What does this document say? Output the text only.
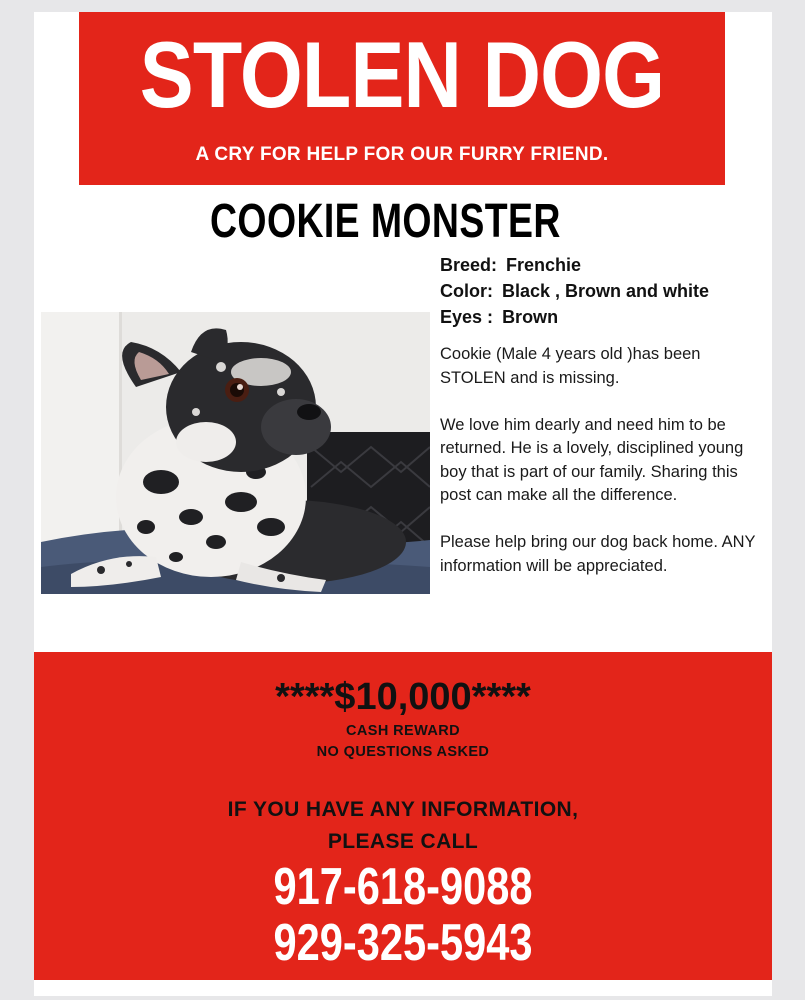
STOLEN DOG
A CRY FOR HELP FOR OUR FURRY FRIEND.
COOKIE MONSTER
Breed: Frenchie
Color: Black , Brown and white
Eyes : Brown

Cookie (Male 4 years old )has been STOLEN and is missing.

We love him dearly and need him to be returned. He is a lovely, disciplined young boy that is part of our family. Sharing this post can make all the difference.

Please help bring our dog back home. ANY information will be appreciated.

****$10,000****
CASH REWARD
NO QUESTIONS ASKED
IF YOU HAVE ANY INFORMATION,
PLEASE CALL
917-618-9088
929-325-5943
